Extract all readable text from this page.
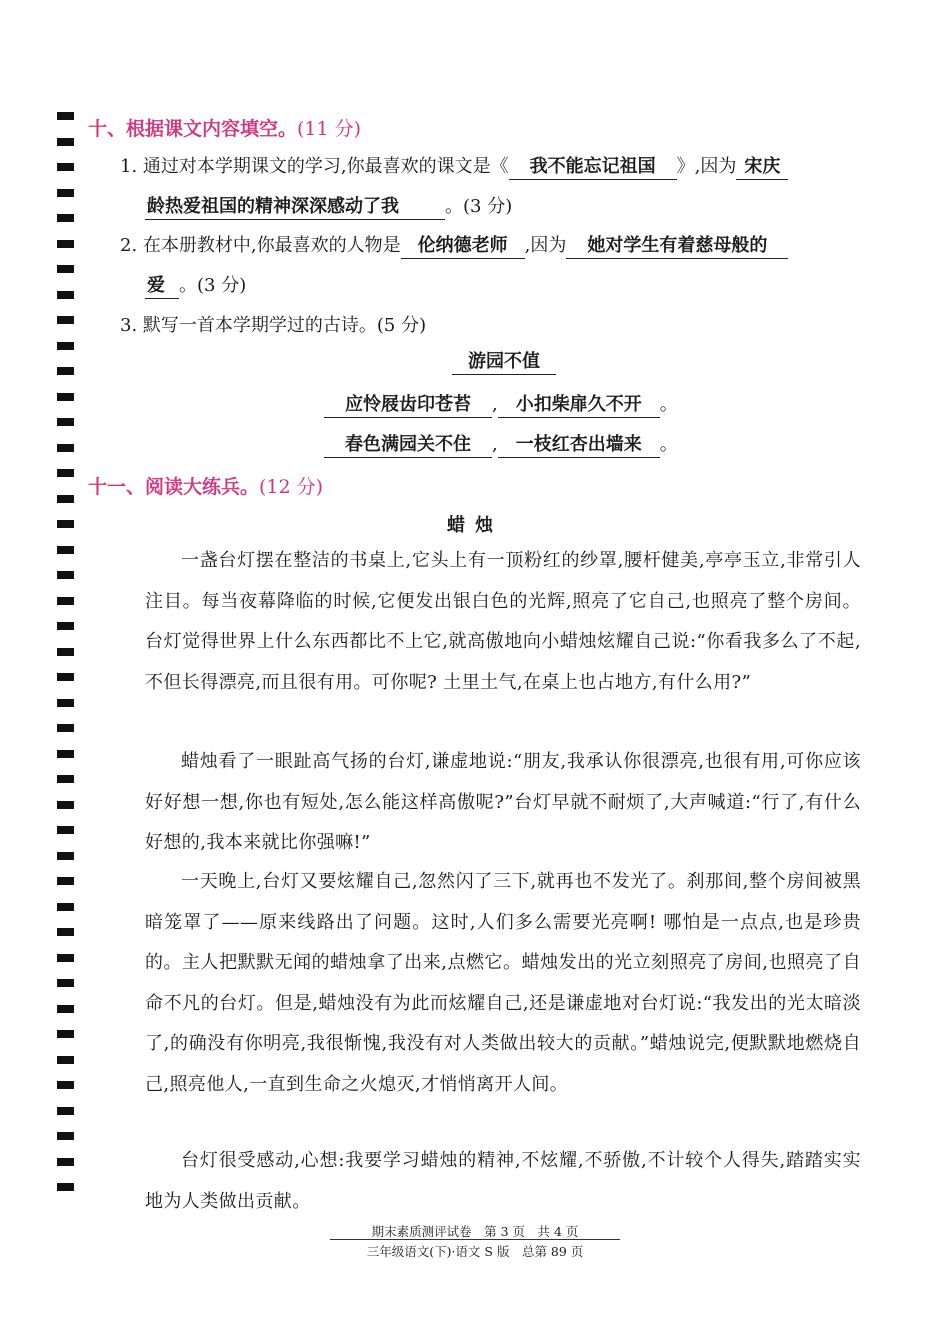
十、根据课文内容填空。(11 分)
1. 通过对本学期课文的学习,你最喜欢的课文是《 我不能忘记祖国 》,因为 宋庆
龄热爱祖国的精神深深感动了我	。(3 分)
2. 在本册教材中,你最喜欢的人物是 伦纳德老师 ,因为 她对学生有着慈母般的
爱 。(3 分)
3. 默写一首本学期学过的古诗。(5 分)
游园不值
应怜屐齿印苍苔 , 小扣柴扉久不开 。
春色满园关不住 , 一枝红杏出墙来 。
十一、阅读大练兵。(12 分)
蜡烛
一盏台灯摆在整洁的书桌上,它头上有一顶粉红的纱罩,腰杆健美,亭亭玉立,非常引人注目。每当夜幕降临的时候,它便发出银白色的光辉,照亮了它自己,也照亮了整个房间。台灯觉得世界上什么东西都比不上它,就高傲地向小蜡烛炫耀自己说:“你看我多么了不起,不但长得漂亮,而且很有用。可你呢? 土里土气,在桌上也占地方,有什么用?”
蜡烛看了一眼趾高气扬的台灯,谦虚地说:“朋友,我承认你很漂亮,也很有用,可你应该好好想一想,你也有短处,怎么能这样高傲呢?”台灯早就不耐烦了,大声喊道:“行了,有什么好想的,我本来就比你强嘛!”
一天晚上,台灯又要炫耀自己,忽然闪了三下,就再也不发光了。刹那间,整个房间被黑暗笼罩了——原来线路出了问题。这时,人们多么需要光亮啊! 哪怕是一点点,也是珍贵的。主人把默默无闻的蜡烛拿了出来,点燃它。蜡烛发出的光立刻照亮了房间,也照亮了自命不凡的台灯。但是,蜡烛没有为此而炫耀自己,还是谦虚地对台灯说:“我发出的光太暗淡了,的确没有你明亮,我很惭愧,我没有对人类做出较大的贡献。”蜡烛说完,便默默地燃烧自己,照亮他人,一直到生命之火熄灭,才悄悄离开人间。
台灯很受感动,心想:我要学习蜡烛的精神,不炫耀,不骄傲,不计较个人得失,踏踏实实地为人类做出贡献。
期末素质测评试卷　第 3 页　共 4 页
三年级语文(下)·语文 S 版　总第 89 页
